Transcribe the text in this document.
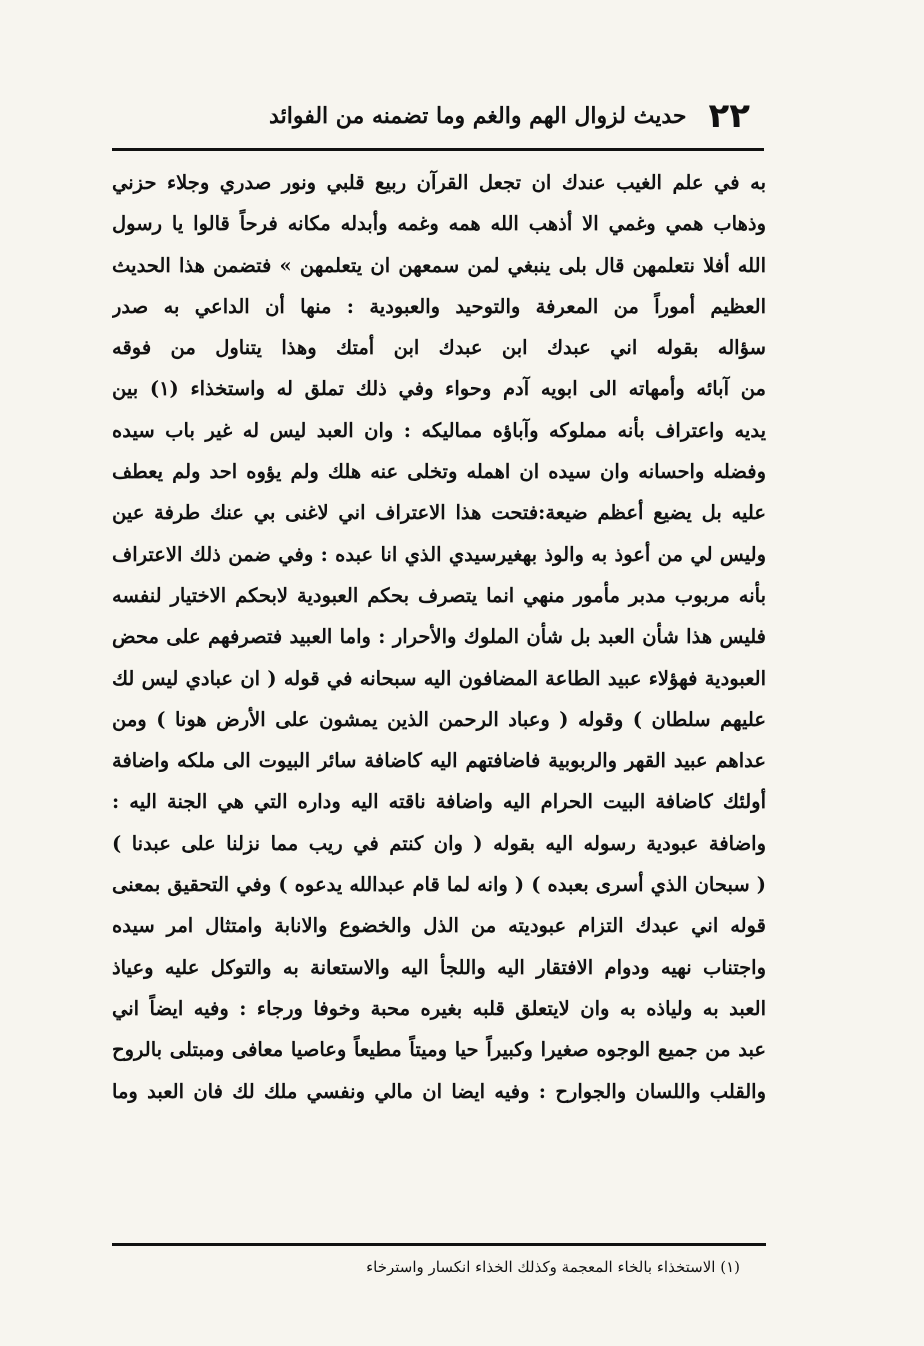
٢٢
حديث لزوال الهم والغم وما تضمنه من الفوائد
به في علم الغيب عندك ان تجعل القرآن ربيع قلبي ونور صدري وجلاء حزني
وذهاب همي وغمي الا أذهب الله همه وغمه وأبدله مكانه فرحاً قالوا يا رسول
الله أفلا نتعلمهن قال بلى ينبغي لمن سمعهن ان يتعلمهن » فتضمن هذا الحديث
العظيم أموراً من المعرفة والتوحيد والعبودية : منها أن الداعي به صدر
سؤاله بقوله اني عبدك ابن عبدك ابن أمتك وهذا يتناول من فوقه
من آبائه وأمهاته الى ابويه آدم وحواء وفي ذلك تملق له واستخذاء (١) بين
يديه واعتراف بأنه مملوكه وآباؤه مماليكه : وان العبد ليس له غير باب سيده
وفضله واحسانه وان سيده ان اهمله وتخلى عنه هلك ولم يؤوه احد ولم يعطف
عليه بل يضيع أعظم ضيعة:فتحت هذا الاعتراف اني لاغنى بي عنك طرفة عين
وليس لي من أعوذ به والوذ بهغيرسيدي الذي انا عبده : وفي ضمن ذلك الاعتراف
بأنه مربوب مدبر مأمور منهي انما يتصرف بحكم العبودية لابحكم الاختيار لنفسه
فليس هذا شأن العبد بل شأن الملوك والأحرار : واما العبيد فتصرفهم على محض
العبودية فهؤلاء عبيد الطاعة المضافون اليه سبحانه في قوله ( ان عبادي ليس لك
عليهم سلطان ) وقوله ( وعباد الرحمن الذين يمشون على الأرض هونا ) ومن
عداهم عبيد القهر والربوبية فاضافتهم اليه كاضافة سائر البيوت الى ملكه واضافة
أولئك كاضافة البيت الحرام اليه واضافة ناقته اليه وداره التي هي الجنة اليه :
واضافة عبودية رسوله اليه بقوله ( وان كنتم في ريب مما نزلنا على عبدنا )
( سبحان الذي أسرى بعبده ) ( وانه لما قام عبدالله يدعوه ) وفي التحقيق بمعنى
قوله اني عبدك التزام عبوديته من الذل والخضوع والانابة وامتثال امر سيده
واجتناب نهيه ودوام الافتقار اليه واللجأ اليه والاستعانة به والتوكل عليه وعياذ
العبد به ولياذه به وان لايتعلق قلبه بغيره محبة وخوفا ورجاء : وفيه ايضاً اني
عبد من جميع الوجوه صغيرا وكبيراً حيا وميتاً مطيعاً وعاصيا معافى ومبتلى بالروح
والقلب واللسان والجوارح : وفيه ايضا ان مالي ونفسي ملك لك فان العبد وما
(١) الاستخذاء بالخاء المعجمة وكذلك الخذاء انكسار واسترخاء
